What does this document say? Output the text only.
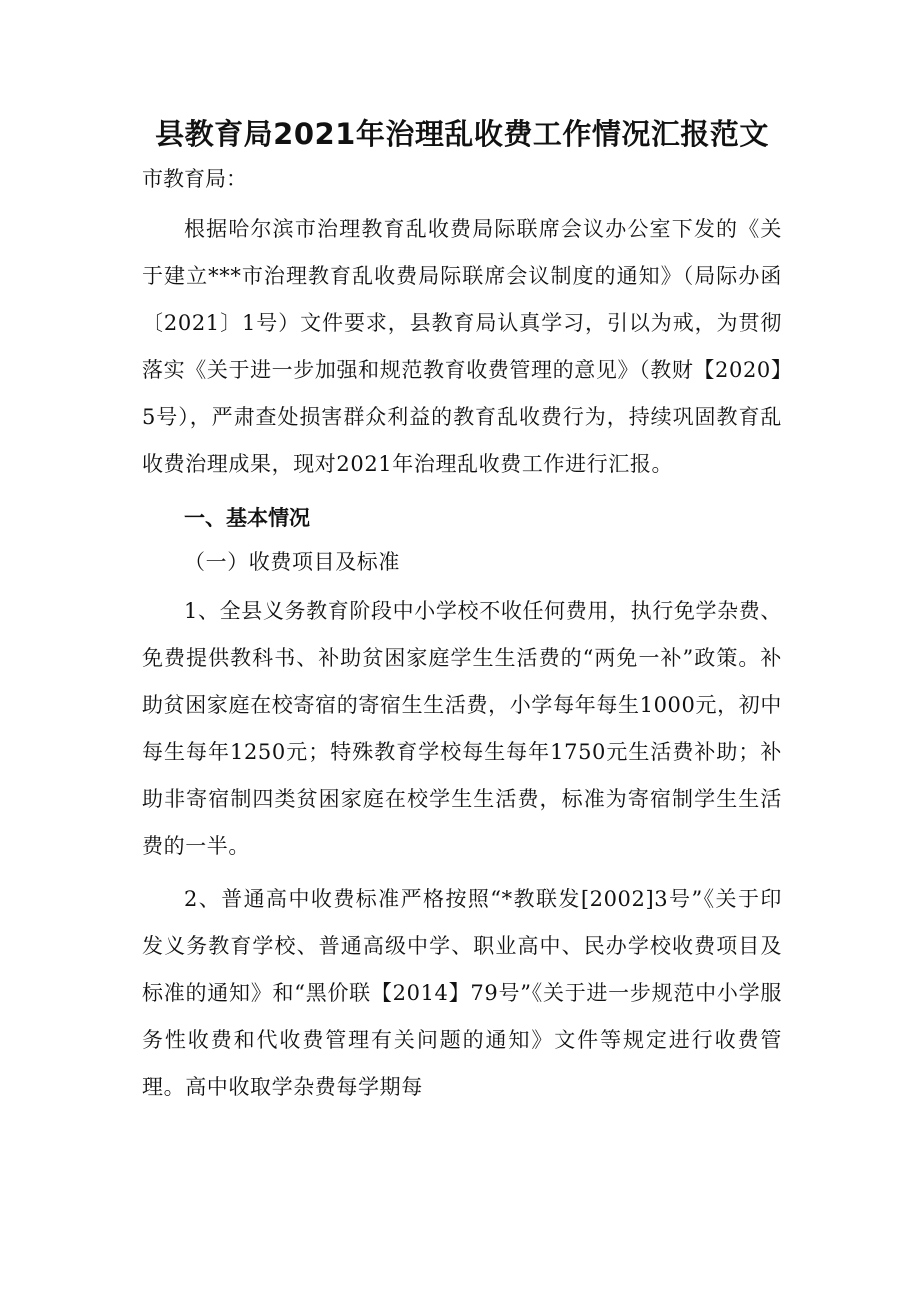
县教育局2021年治理乱收费工作情况汇报范文
市教育局：

根据哈尔滨市治理教育乱收费局际联席会议办公室下发的《关于建立***市治理教育乱收费局际联席会议制度的通知》（局际办函〔2021〕1号）文件要求，县教育局认真学习，引以为戒，为贯彻落实《关于进一步加强和规范教育收费管理的意见》（教财【2020】5号），严肃查处损害群众利益的教育乱收费行为，持续巩固教育乱收费治理成果，现对2021年治理乱收费工作进行汇报。

一、基本情况
（一）收费项目及标准

1、全县义务教育阶段中小学校不收任何费用，执行免学杂费、免费提供教科书、补助贫困家庭学生生活费的“两免一补”政策。补助贫困家庭在校寄宿的寄宿生生活费，小学每年每生1000元，初中每生每年1250元；特殊教育学校每生每年1750元生活费补助；补助非寄宿制四类贫困家庭在校学生生活费，标准为寄宿制学生生活费的一半。

2、普通高中收费标准严格按照“*教联发[2002]3号”《关于印发义务教育学校、普通高级中学、职业高中、民办学校收费项目及标准的通知》和“黑价联【2014】79号”《关于进一步规范中小学服务性收费和代收费管理有关问题的通知》文件等规定进行收费管理。高中收取学杂费每学期每
